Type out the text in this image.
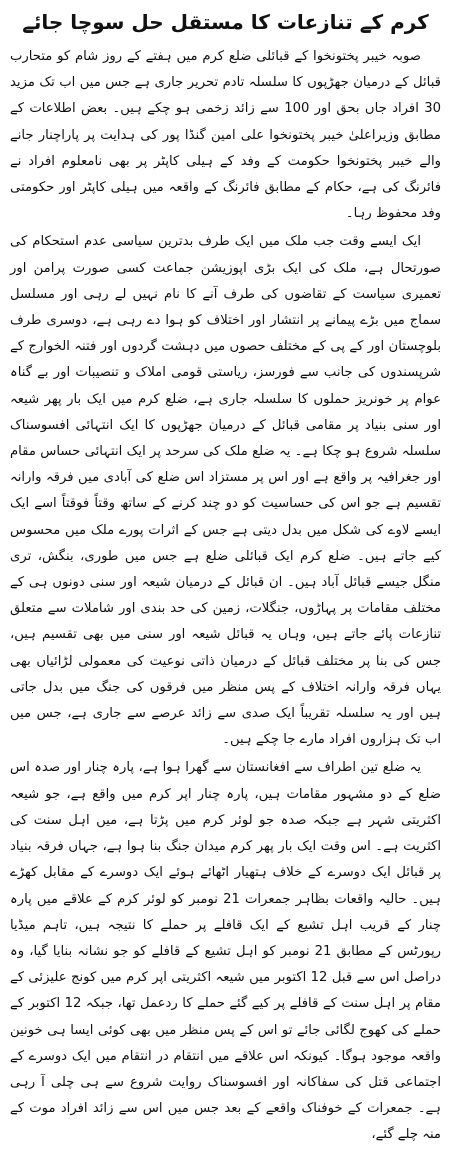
کرم کے تنازعات کا مستقل حل سوچا جائے

صوبہ خیبر پختونخوا کے قبائلی ضلع کرم میں ہفتے کے روز شام کو متحارب قبائل کے درمیان جھڑپوں کا سلسلہ تادم تحریر جاری ہے جس میں اب تک مزید 30 افراد جاں بحق اور 100 سے زائد زخمی ہو چکے ہیں۔ بعض اطلاعات کے مطابق وزیراعلیٰ خیبر پختونخوا علی امین گنڈا پور کی ہدایت پر پاراچنار جانے والے خیبر پختونخوا حکومت کے وفد کے ہیلی کاپٹر پر بھی نامعلوم افراد نے فائرنگ کی ہے، حکام کے مطابق فائرنگ کے واقعہ میں ہیلی کاپٹر اور حکومتی وفد محفوظ رہا۔

ایک ایسے وقت جب ملک میں ایک طرف بدترین سیاسی عدم استحکام کی صورتحال ہے، ملک کی ایک بڑی اپوزیشن جماعت کسی صورت پرامن اور تعمیری سیاست کے تقاضوں کی طرف آنے کا نام نہیں لے رہی اور مسلسل سماج میں بڑے پیمانے پر انتشار اور اختلاف کو ہوا دے رہی ہے، دوسری طرف بلوچستان اور کے پی کے مختلف حصوں میں دہشت گردوں اور فتنہ الخوارج کے شرپسندوں کی جانب سے فورسز، ریاستی قومی املاک و تنصیبات اور بے گناہ عوام پر خونریز حملوں کا سلسلہ جاری ہے، ضلع کرم میں ایک بار پھر شیعہ اور سنی بنیاد پر مقامی قبائل کے درمیان جھڑپوں کا ایک انتہائی افسوسناک سلسلہ شروع ہو چکا ہے۔ یہ ضلع ملک کی سرحد پر ایک انتہائی حساس مقام اور جغرافیہ پر واقع ہے اور اس پر مستزاد اس ضلع کی آبادی میں فرقہ وارانہ تقسیم ہے جو اس کی حساسیت کو دو چند کرنے کے ساتھ وقتاً فوقتاً اسے ایک ایسے لاوے کی شکل میں بدل دیتی ہے جس کے اثرات پورے ملک میں محسوس کیے جاتے ہیں۔ ضلع کرم ایک قبائلی ضلع ہے جس میں طوری، بنگش، تری منگل جیسے قبائل آباد ہیں۔ ان قبائل کے درمیان شیعہ اور سنی دونوں ہی کے مختلف مقامات پر پہاڑوں، جنگلات، زمین کی حد بندی اور شاملات سے متعلق تنازعات پائے جاتے ہیں، وہاں یہ قبائل شیعہ اور سنی میں بھی تقسیم ہیں، جس کی بنا پر مختلف قبائل کے درمیان ذاتی نوعیت کی معمولی لڑائیاں بھی یہاں فرقہ وارانہ اختلاف کے پس منظر میں فرقوں کی جنگ میں بدل جاتی ہیں اور یہ سلسلہ تقریباً ایک صدی سے زائد عرصے سے جاری ہے، جس میں اب تک ہزاروں افراد مارے جا چکے ہیں۔

یہ ضلع تین اطراف سے افغانستان سے گھرا ہوا ہے، پارہ چنار اور صدہ اس ضلع کے دو مشہور مقامات ہیں، پارہ چنار اپر کرم میں واقع ہے، جو شیعہ اکثریتی شہر ہے جبکہ صدہ جو لوئر کرم میں پڑتا ہے، میں اہل سنت کی اکثریت ہے۔ اس وقت ایک بار پھر کرم میدان جنگ بنا ہوا ہے، جہاں فرقہ بنیاد پر قبائل ایک دوسرے کے خلاف ہتھیار اٹھائے ہوئے ایک دوسرے کے مقابل کھڑے ہیں۔ حالیہ واقعات بظاہر جمعرات 21 نومبر کو لوئر کرم کے علاقے میں پارہ چنار کے قریب اہل تشیع کے ایک قافلے پر حملے کا نتیجہ ہیں، تاہم میڈیا رپورٹس کے مطابق 21 نومبر کو اہل تشیع کے قافلے کو جو نشانہ بنایا گیا، وہ دراصل اس سے قبل 12 اکتوبر میں شیعہ اکثریتی اپر کرم میں کونج علیزئی کے مقام پر اہل سنت کے قافلے پر کیے گئے حملے کا ردعمل تھا، جبکہ 12 اکتوبر کے حملے کی کھوج لگائی جائے تو اس کے پس منظر میں بھی کوئی ایسا ہی خونین واقعہ موجود ہوگا۔ کیونکہ اس علاقے میں انتقام در انتقام میں ایک دوسرے کے اجتماعی قتل کی سفاکانہ اور افسوسناک روایت شروع سے ہی چلی آ رہی ہے۔ جمعرات کے خوفناک واقعے کے بعد جس میں اس سے زائد افراد موت کے منہ چلے گئے،
